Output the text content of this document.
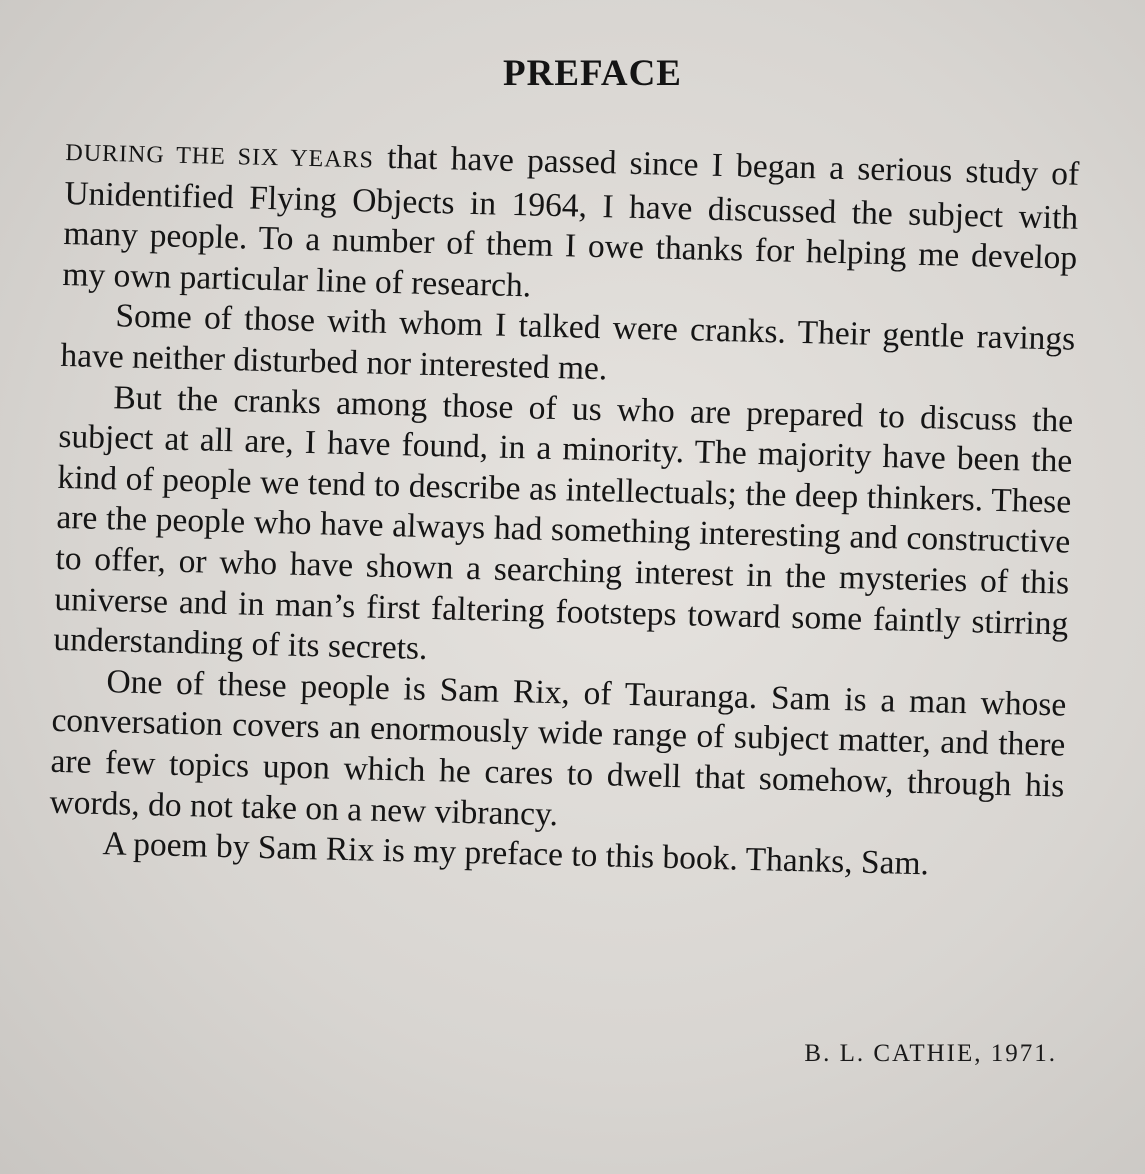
PREFACE

DURING THE SIX YEARS that have passed since I began a serious study of Unidentified Flying Objects in 1964, I have discussed the subject with many people. To a number of them I owe thanks for helping me develop my own particular line of research.

Some of those with whom I talked were cranks. Their gentle ravings have neither disturbed nor interested me.

But the cranks among those of us who are prepared to discuss the subject at all are, I have found, in a minority. The majority have been the kind of people we tend to describe as intellectuals; the deep thinkers. These are the people who have always had something interesting and constructive to offer, or who have shown a searching interest in the mysteries of this universe and in man’s first faltering footsteps toward some faintly stirring understanding of its secrets.

One of these people is Sam Rix, of Tauranga. Sam is a man whose conversation covers an enormously wide range of subject matter, and there are few topics upon which he cares to dwell that somehow, through his words, do not take on a new vibrancy.

A poem by Sam Rix is my preface to this book. Thanks, Sam.

B. L. CATHIE, 1971.
